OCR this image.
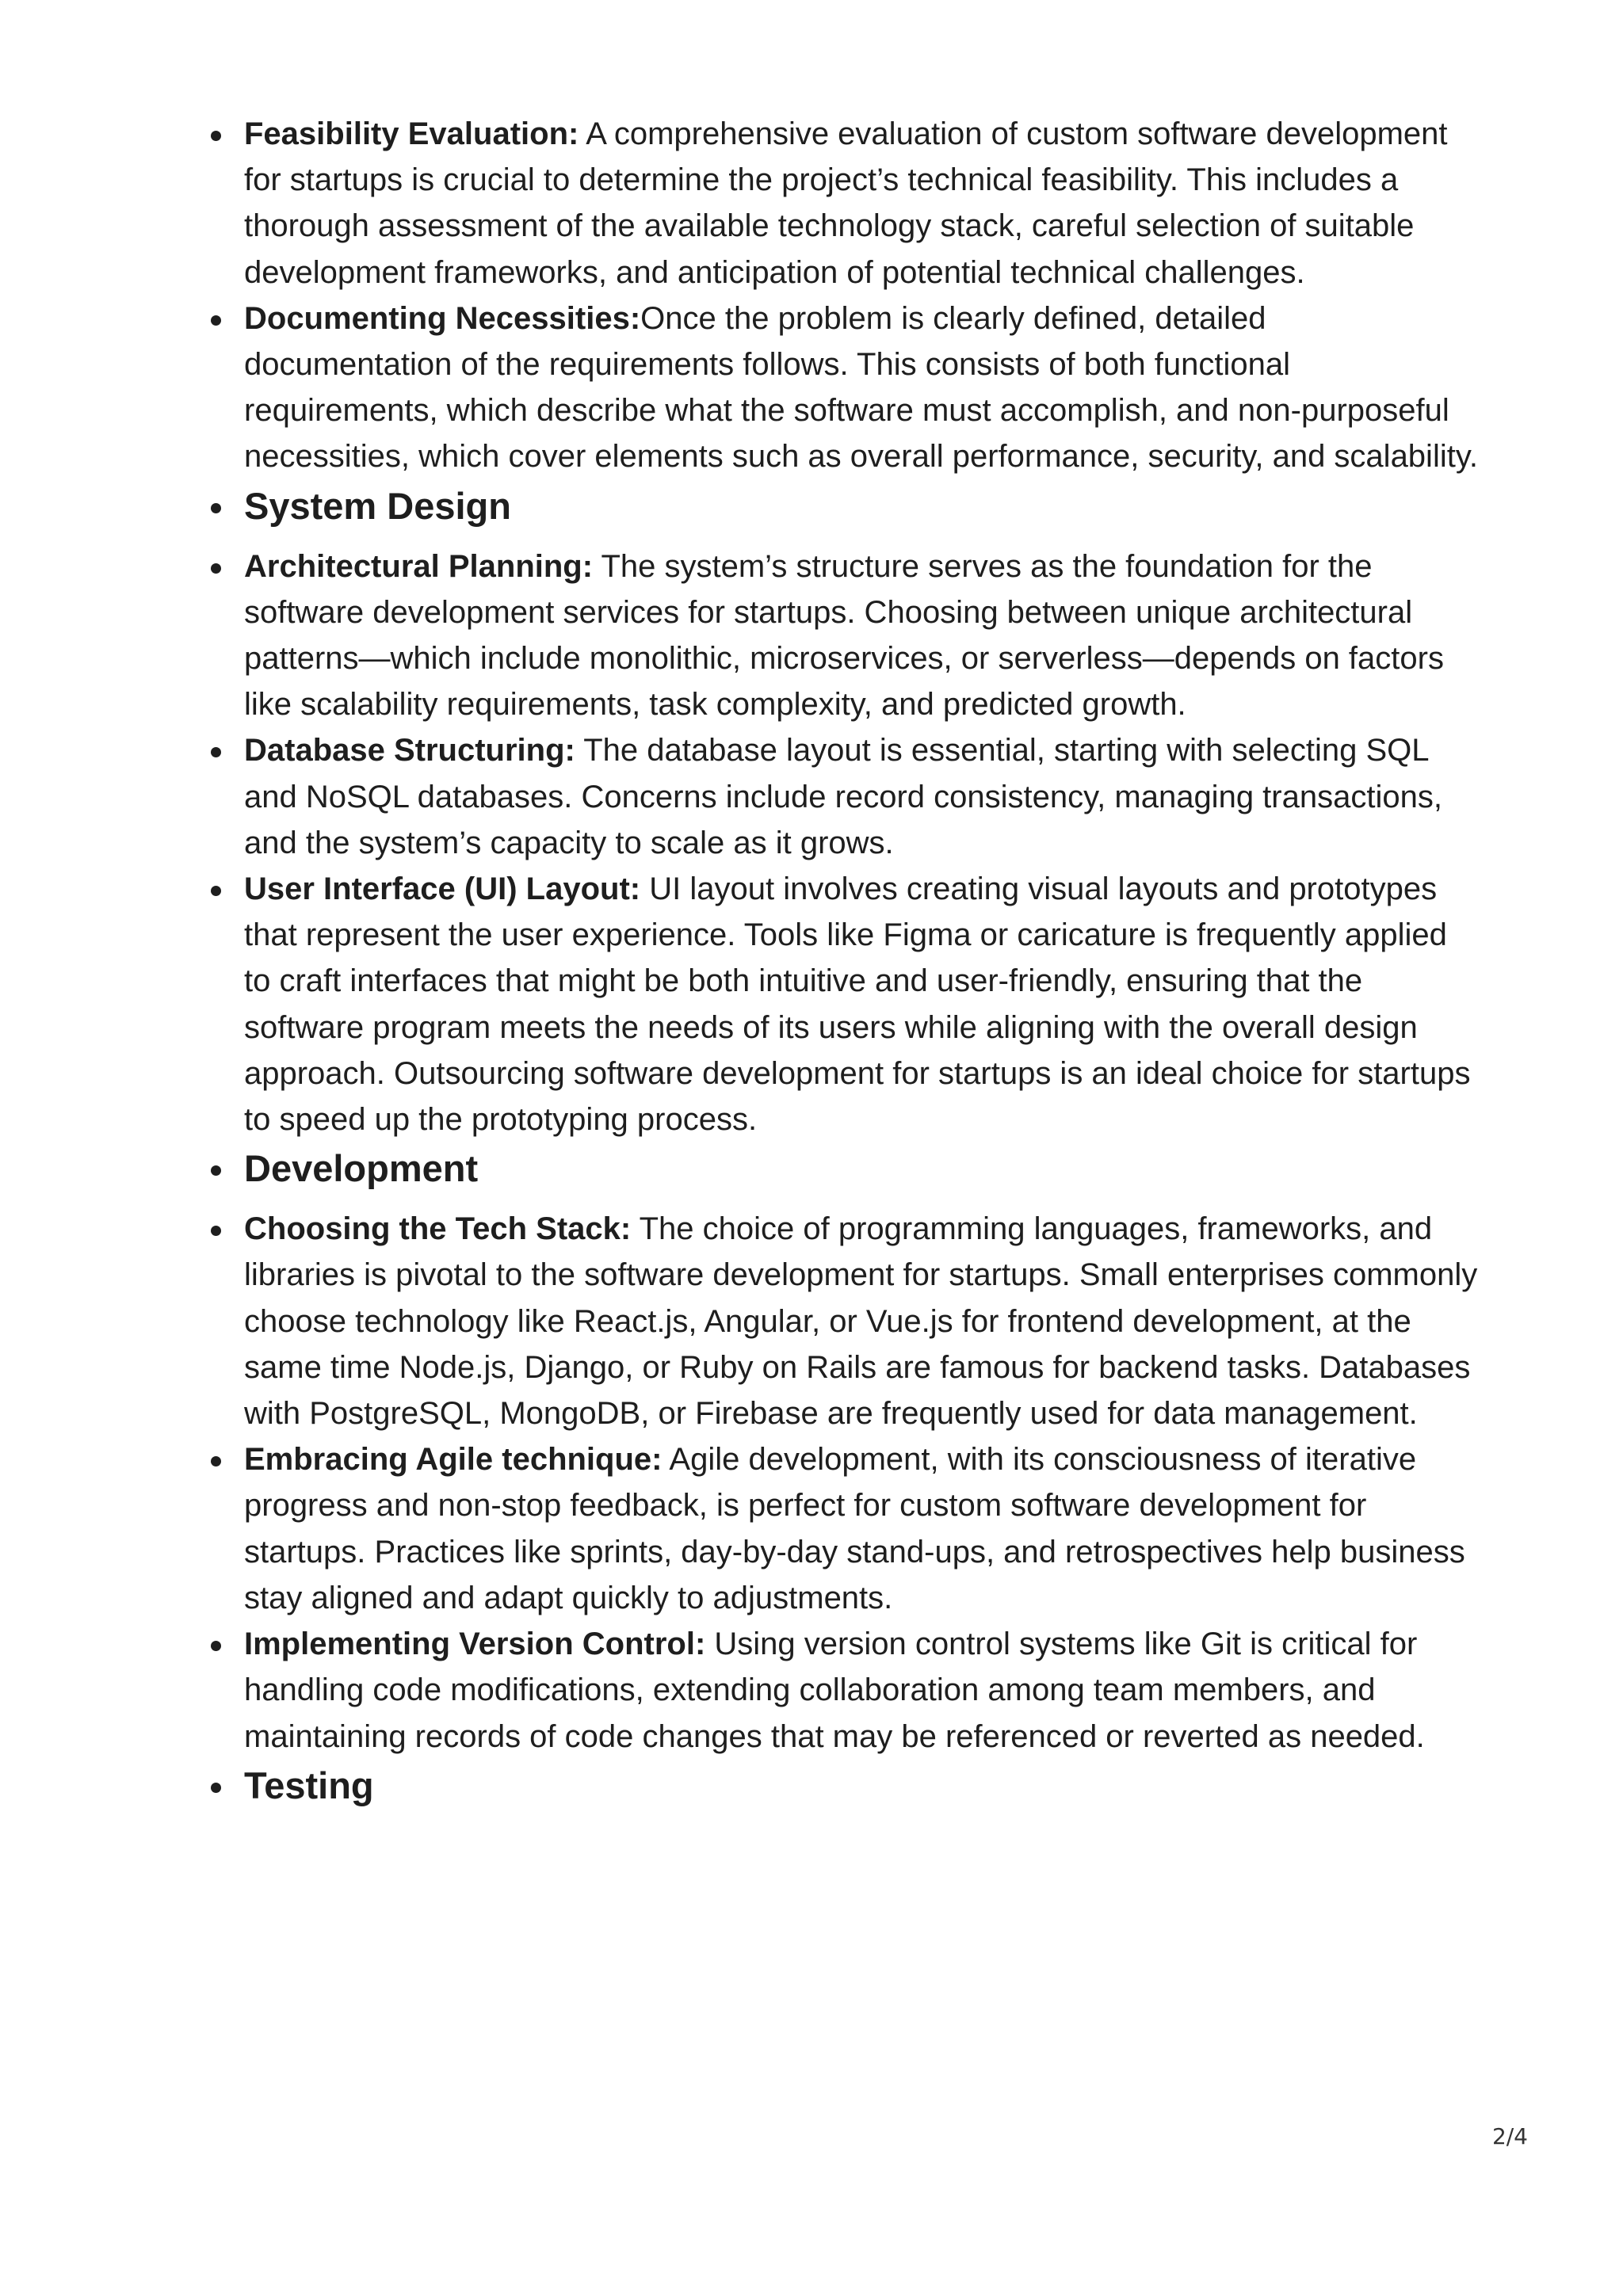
Feasibility Evaluation: A comprehensive evaluation of custom software development for startups is crucial to determine the project’s technical feasibility. This includes a thorough assessment of the available technology stack, careful selection of suitable development frameworks, and anticipation of potential technical challenges.
Documenting Necessities:Once the problem is clearly defined, detailed documentation of the requirements follows. This consists of both functional requirements, which describe what the software must accomplish, and non-purposeful necessities, which cover elements such as overall performance, security, and scalability.
System Design
Architectural Planning: The system’s structure serves as the foundation for the software development services for startups. Choosing between unique architectural patterns—which include monolithic, microservices, or serverless—depends on factors like scalability requirements, task complexity, and predicted growth.
Database Structuring: The database layout is essential, starting with selecting SQL and NoSQL databases. Concerns include record consistency, managing transactions, and the system’s capacity to scale as it grows.
User Interface (UI) Layout: UI layout involves creating visual layouts and prototypes that represent the user experience. Tools like Figma or caricature is frequently applied to craft interfaces that might be both intuitive and user-friendly, ensuring that the software program meets the needs of its users while aligning with the overall design approach. Outsourcing software development for startups is an ideal choice for startups to speed up the prototyping process.
Development
Choosing the Tech Stack: The choice of programming languages, frameworks, and libraries is pivotal to the software development for startups. Small enterprises commonly choose technology like React.js, Angular, or Vue.js for frontend development, at the same time Node.js, Django, or Ruby on Rails are famous for backend tasks. Databases with PostgreSQL, MongoDB, or Firebase are frequently used for data management.
Embracing Agile technique: Agile development, with its consciousness of iterative progress and non-stop feedback, is perfect for custom software development for startups. Practices like sprints, day-by-day stand-ups, and retrospectives help business stay aligned and adapt quickly to adjustments.
Implementing Version Control: Using version control systems like Git is critical for handling code modifications, extending collaboration among team members, and maintaining records of code changes that may be referenced or reverted as needed.
Testing
2/4
